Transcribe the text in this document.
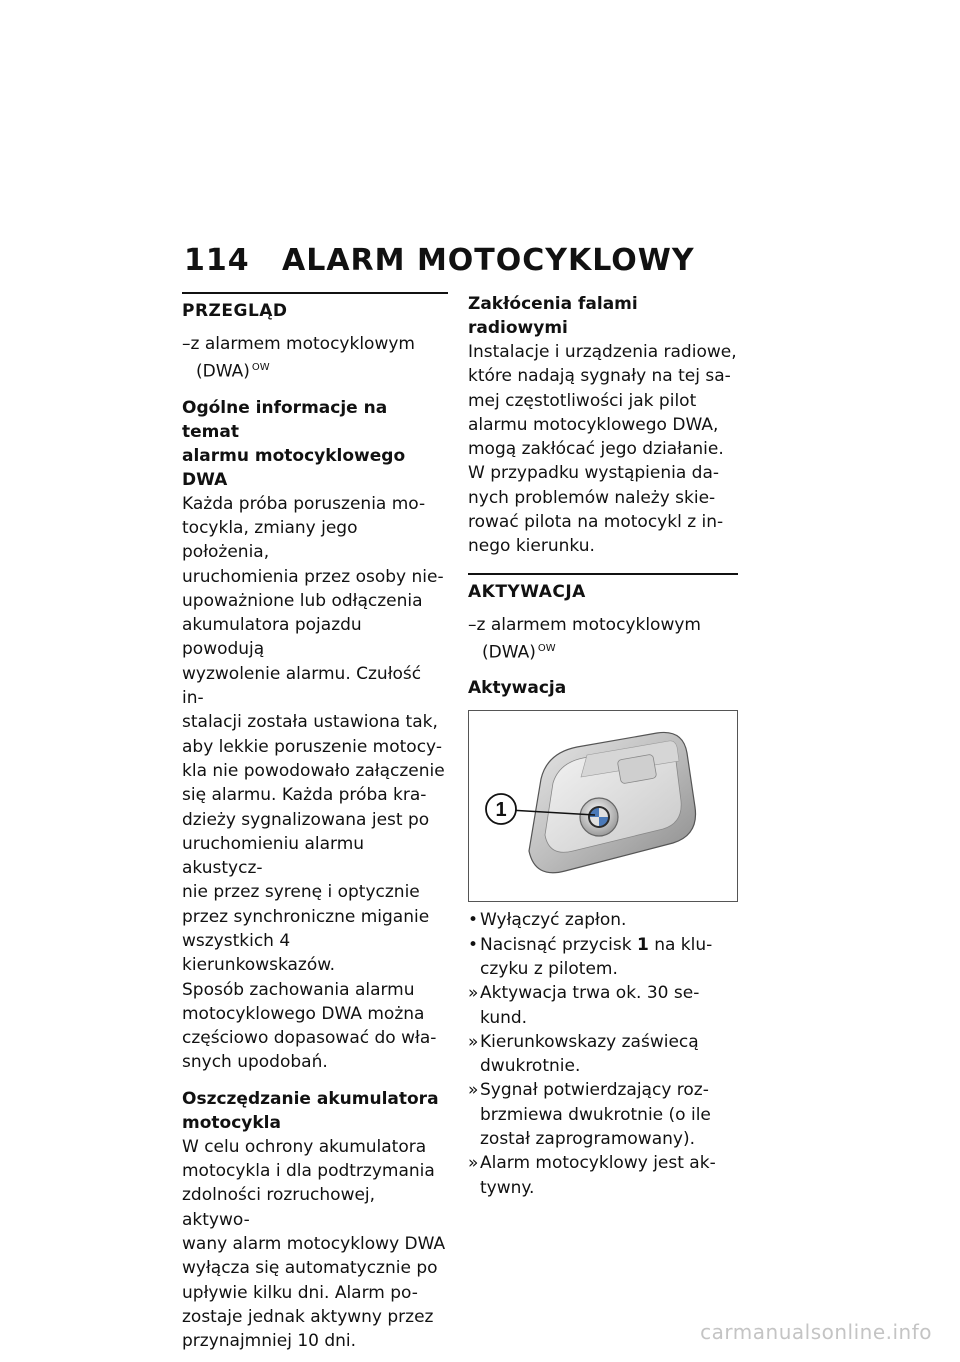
114	ALARM MOTOCYKLOWY
PRZEGLĄD
–z alarmem motocyklowym
(DWA) $^{OW}$
Ogólne informacje na temat
alarmu motocyklowego DWA
Każda próba poruszenia mo-
tocykla, zmiany jego położenia,
uruchomienia przez osoby nie-
upoważnione lub odłączenia
akumulatora pojazdu powodują
wyzwolenie alarmu. Czułość in-
stalacji została ustawiona tak,
aby lekkie poruszenie motocy-
kla nie powodowało załączenie
się alarmu. Każda próba kra-
dzieży sygnalizowana jest po
uruchomieniu alarmu akustycz-
nie przez syrenę i optycznie
przez synchroniczne miganie
wszystkich 4 kierunkowskazów.
Sposób zachowania alarmu
motocyklowego DWA można
częściowo dopasować do wła-
snych upodobań.
Oszczędzanie akumulatora
motocykla
W celu ochrony akumulatora
motocykla i dla podtrzymania
zdolności rozruchowej, aktywo-
wany alarm motocyklowy DWA
wyłącza się automatycznie po
upływie kilku dni. Alarm po-
zostaje jednak aktywny przez
przynajmniej 10 dni.
Zakłócenia falami radiowymi
Instalacje i urządzenia radiowe,
które nadają sygnały na tej sa-
mej częstotliwości jak pilot
alarmu motocyklowego DWA,
mogą zakłócać jego działanie.
W przypadku wystąpienia da-
nych problemów należy skie-
rować pilota na motocykl z in-
nego kierunku.
AKTYWACJA
–z alarmem motocyklowym
(DWA) $^{OW}$
Aktywacja
1
• Wyłączyć zapłon.
• Nacisnąć przycisk 1 na klu-
czyku z pilotem.
»Aktywacja trwa ok. 30 se-
kund.
»Kierunkowskazy zaświecą
dwukrotnie.
»Sygnał potwierdzający roz-
brzmiewa dwukrotnie (o ile
został zaprogramowany).
»Alarm motocyklowy jest ak-
tywny.
carmanualsonline.info
